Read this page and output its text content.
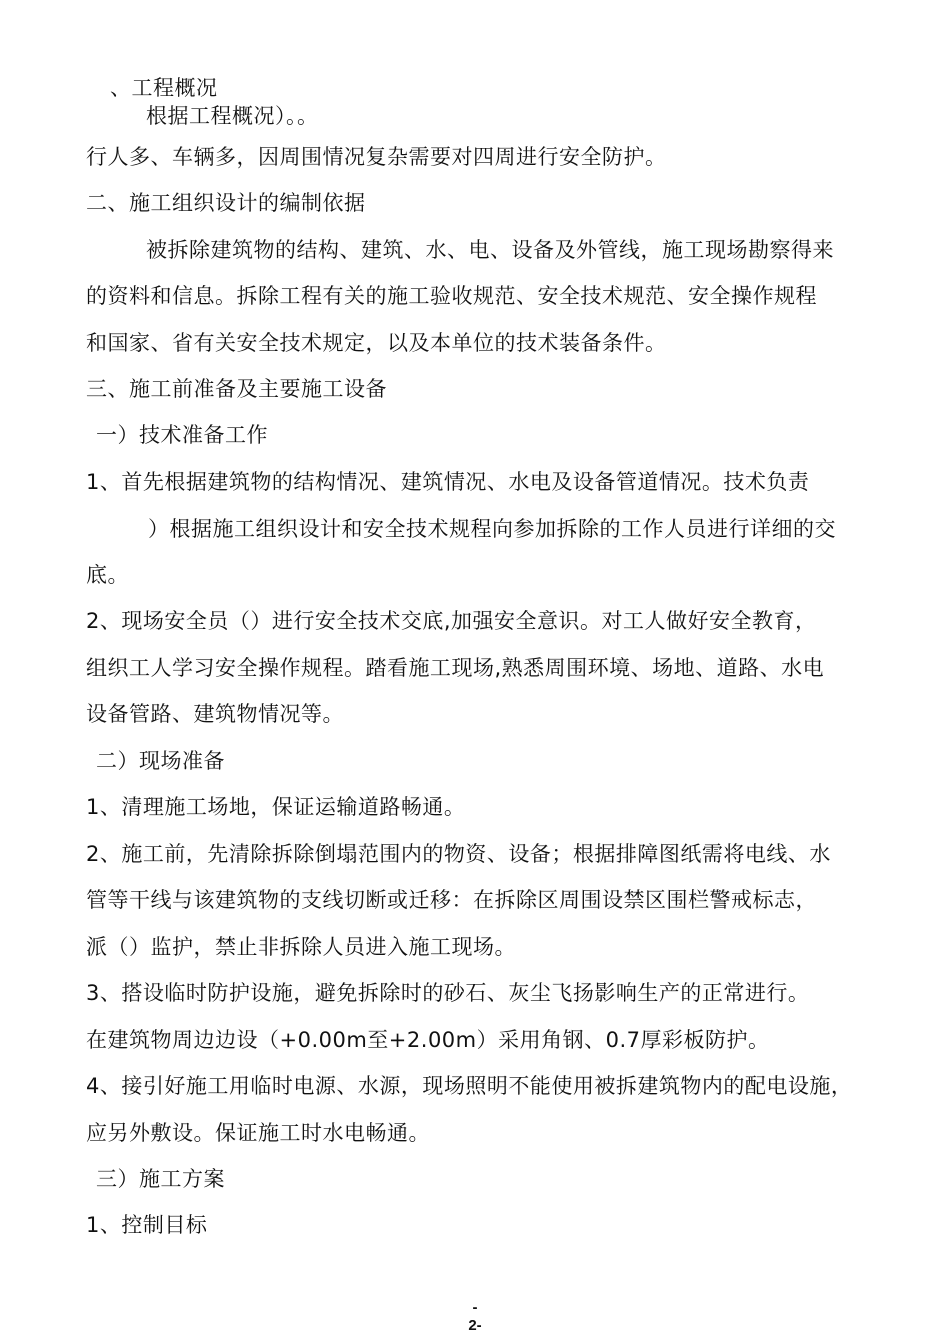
、工程概况
根据工程概况）。。
行人多、车辆多，因周围情况复杂需要对四周进行安全防护。
二、施工组织设计的编制依据
被拆除建筑物的结构、建筑、水、电、设备及外管线，施工现场勘察得来
的资料和信息。拆除工程有关的施工验收规范、安全技术规范、安全操作规程
和国家、省有关安全技术规定，以及本单位的技术装备条件。
三、施工前准备及主要施工设备
一）技术准备工作
1、首先根据建筑物的结构情况、建筑情况、水电及设备管道情况。技术负责
）根据施工组织设计和安全技术规程向参加拆除的工作人员进行详细的交
底。
2、现场安全员（）进行安全技术交底,加强安全意识。对工人做好安全教育，
组织工人学习安全操作规程。踏看施工现场,熟悉周围环境、场地、道路、水电
设备管路、建筑物情况等。
二）现场准备
1、清理施工场地，保证运输道路畅通。
2、施工前，先清除拆除倒塌范围内的物资、设备；根据排障图纸需将电线、水
管等干线与该建筑物的支线切断或迁移：在拆除区周围设禁区围栏警戒标志，
派（）监护，禁止非拆除人员进入施工现场。
3、搭设临时防护设施，避免拆除时的砂石、灰尘飞扬影响生产的正常进行。
在建筑物周边边设（+0.00m至+2.00m）采用角钢、0.7厚彩板防护。
4、接引好施工用临时电源、水源，现场照明不能使用被拆建筑物内的配电设施，
应另外敷设。保证施工时水电畅通。
三）施工方案
1、控制目标
-
2-
